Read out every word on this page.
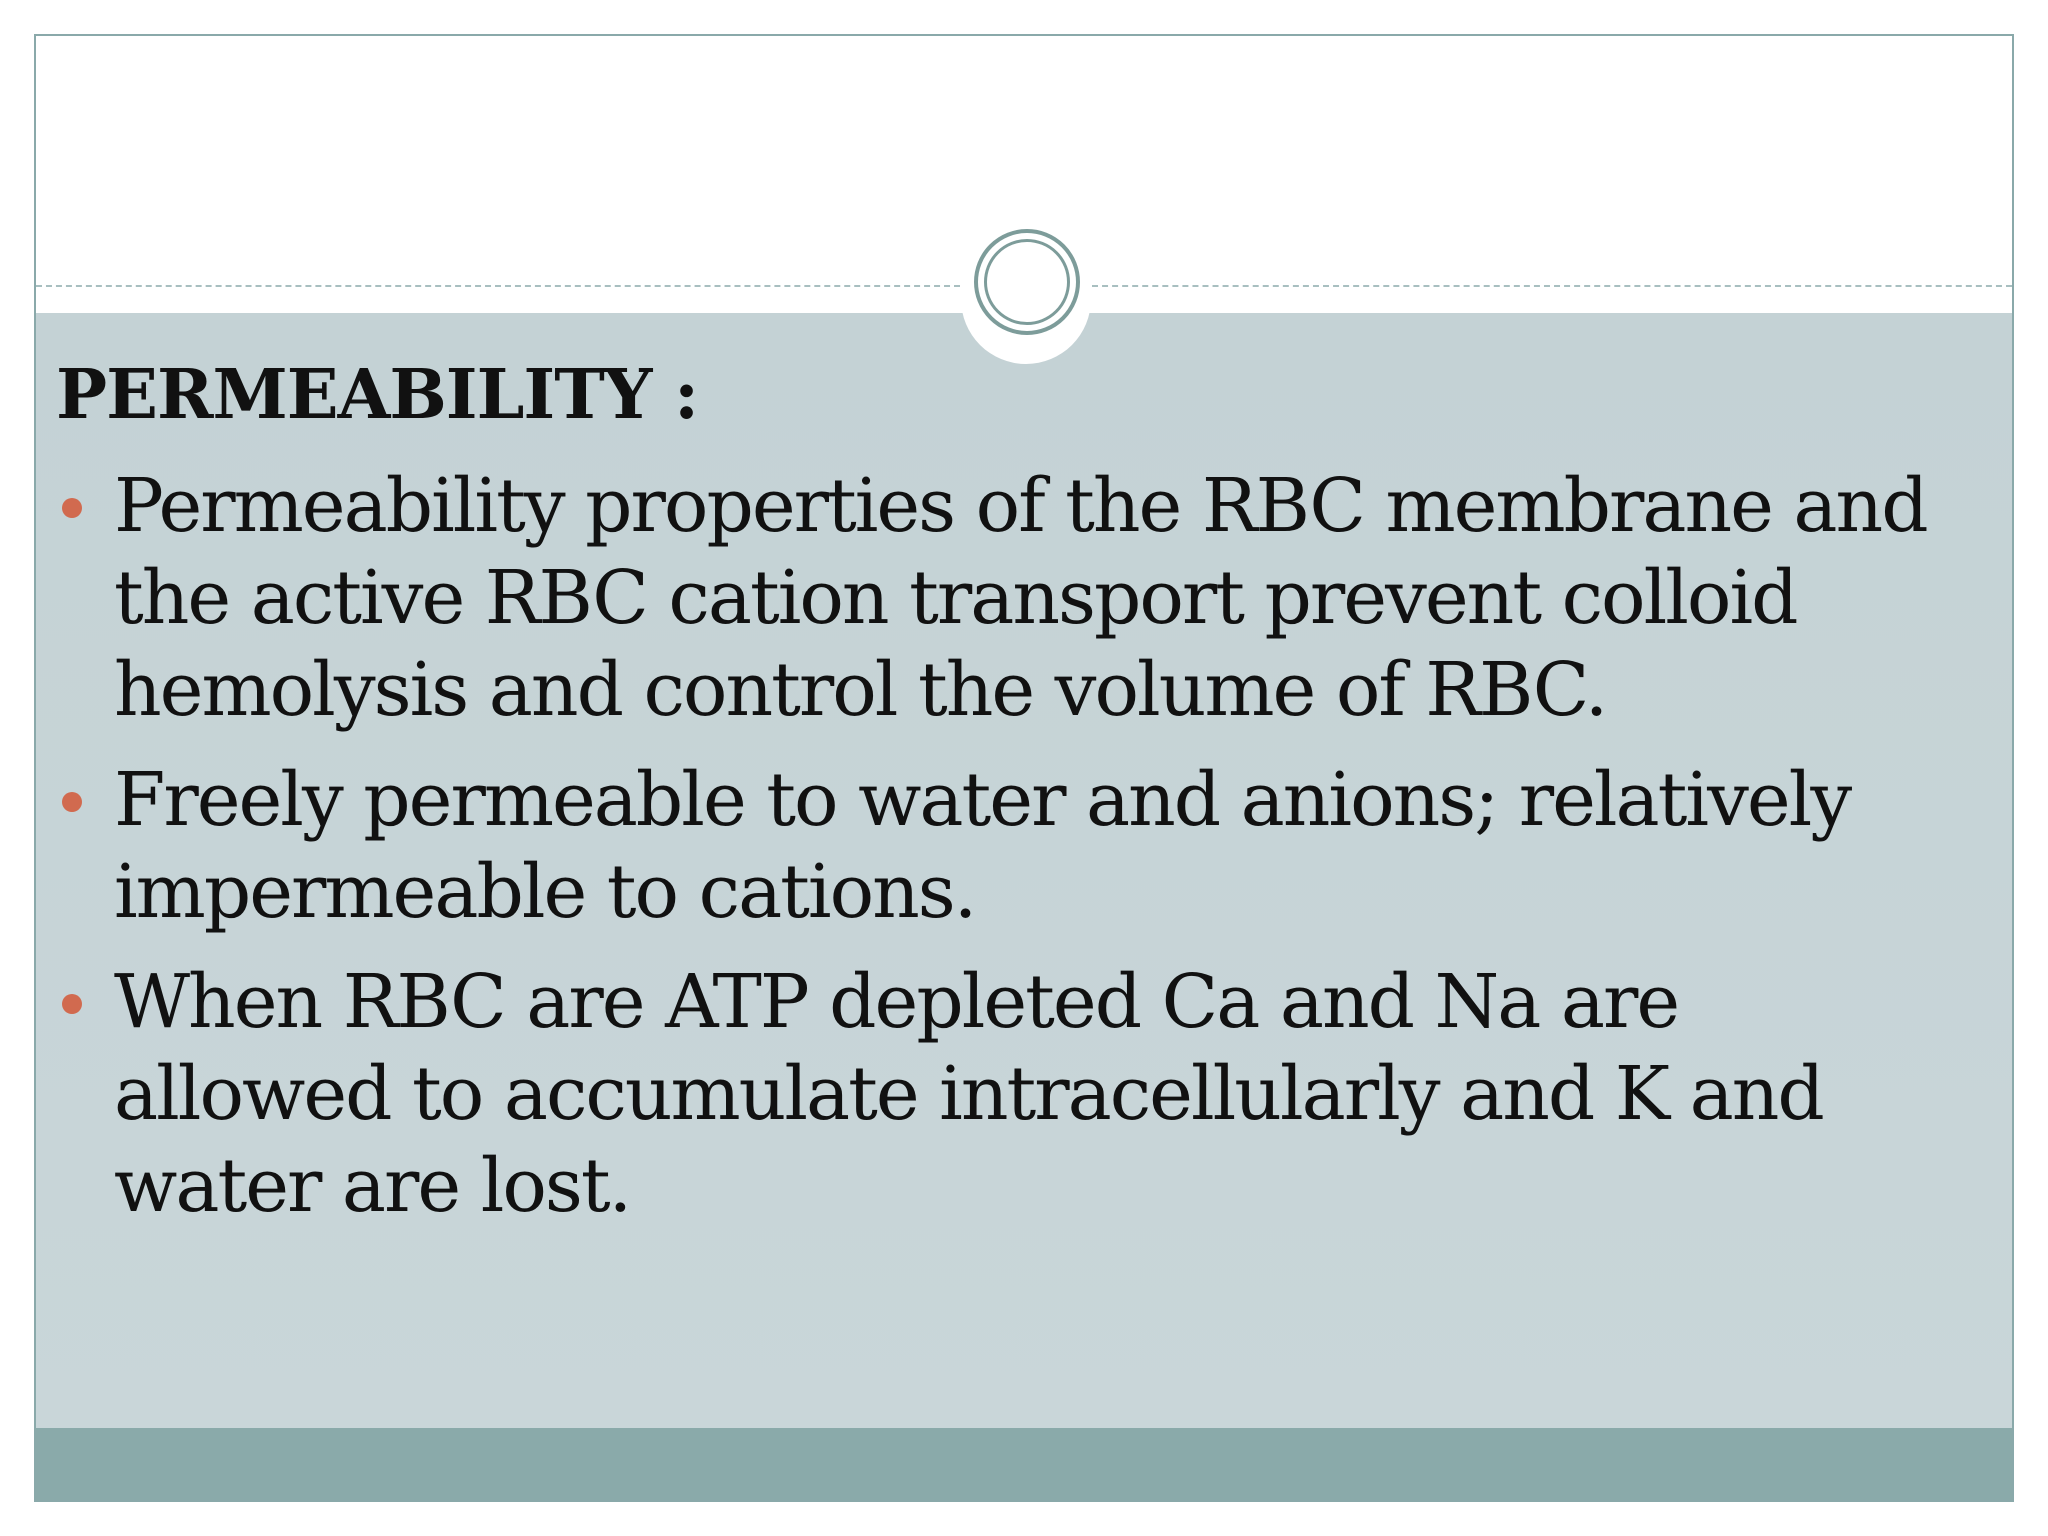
PERMEABILITY :
Permeability properties of the RBC membrane and the active RBC cation transport prevent colloid hemolysis and control the volume of RBC.
Freely permeable to water and anions; relatively impermeable to cations.
When RBC are ATP depleted Ca and Na are allowed to accumulate intracellularly and K and water are lost.
